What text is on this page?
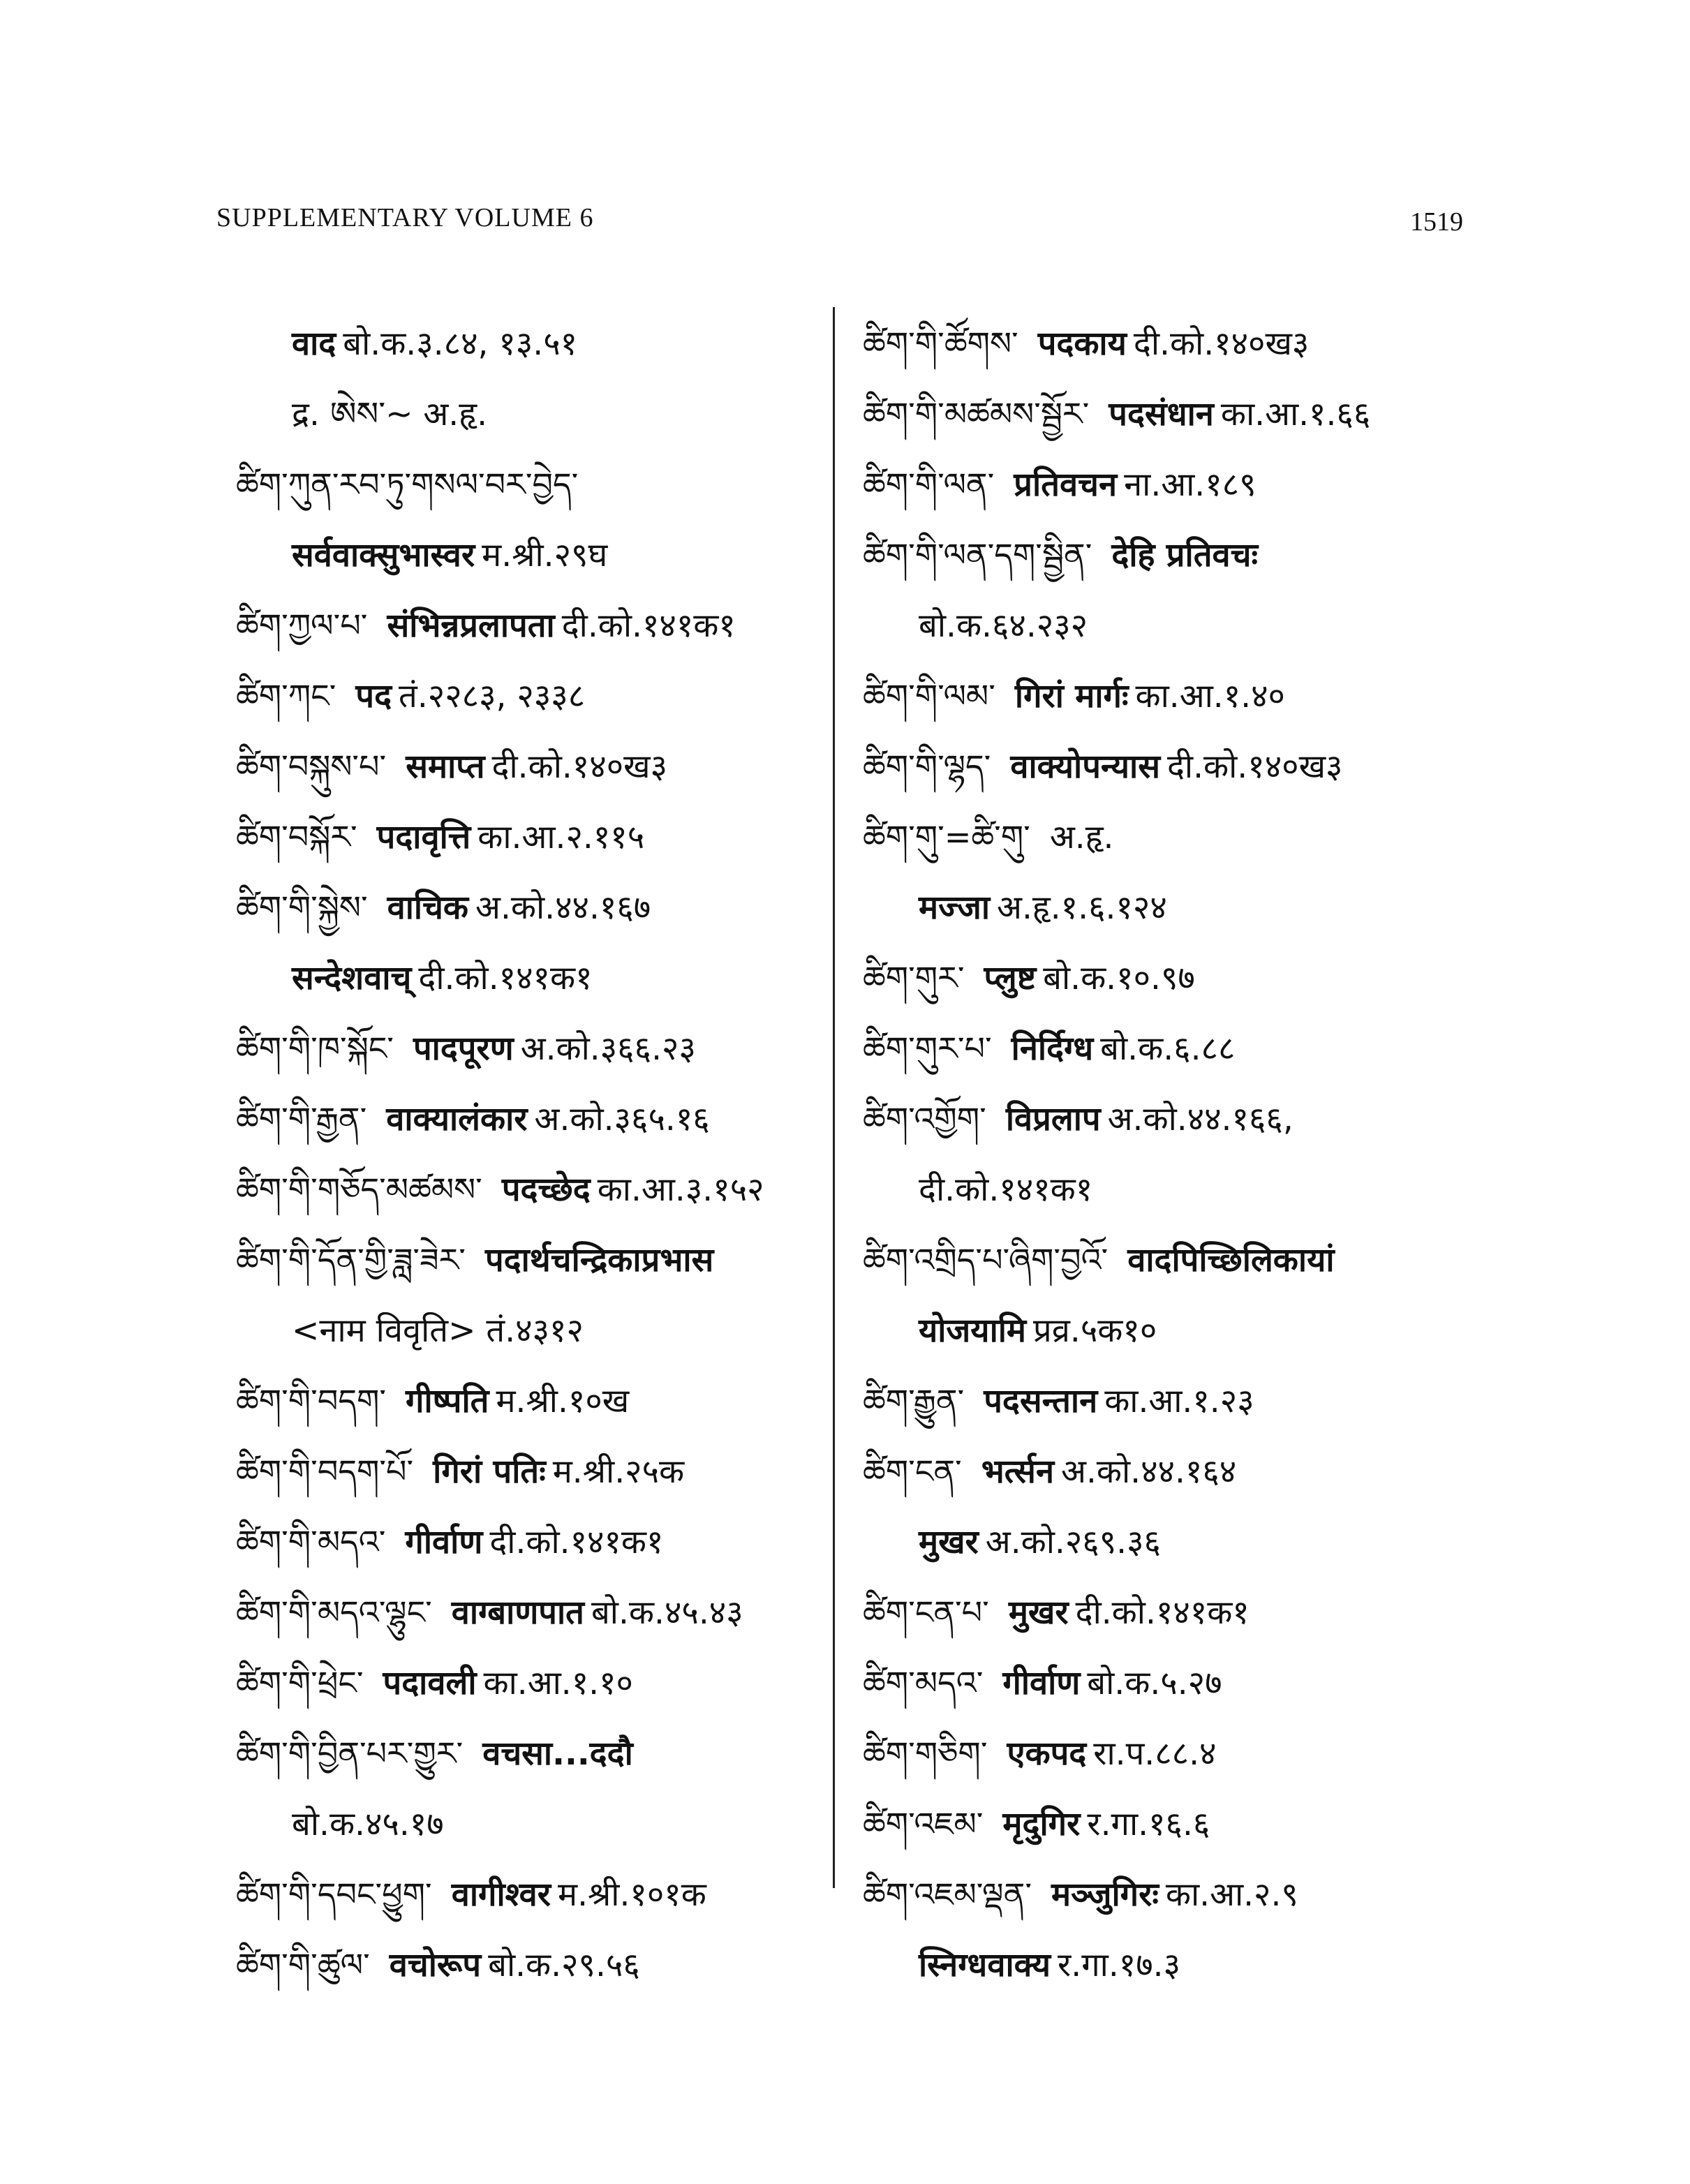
SUPPLEMENTARY VOLUME 6	1519
वाद बो.क.३.८४, १३.५१
द्र. ཨེས་~ अ.हृ.
ཚིག་ཀུན་རབ་ཏུ་གསལ་བར་བྱེད་
सर्ववाक्सुभास्वर म.श्री.२९घ
ཚིག་ཀྱལ་པ་ संभिन्नप्रलापता दी.को.१४१क१
ཚིག་ཀང་ पद तं.२२८३, २३३८
ཚིག་བསྐུས་པ་ समाप्त दी.को.१४०ख३
ཚིག་བསྐོར་ पदावृत्ति का.आ.२.११५
ཚིག་གི་སྐྱེས་ वाचिक अ.को.४४.१६७
सन्देशवाच् दी.को.१४१क१
ཚིག་གི་ཁ་སྐོང་ पादपूरण अ.को.३६६.२३
ཚིག་གི་རྒྱན་ वाक्यालंकार अ.को.३६५.१६
ཚིག་གི་གཅོད་མཚམས་ पदच्छेद का.आ.३.१५२
ཚིག་གི་དོན་གྱི་ཟླ་ཟེར་ पदार्थचन्द्रिकाप्रभास
<नाम विवृति> तं.४३१२
ཚིག་གི་བདག་ गीष्पति म.श्री.१०ख
ཚིག་གི་བདག་པོ་ गिरां पतिः म.श्री.२५क
ཚིག་གི་མདའ་ गीर्वाण दी.को.१४१क१
ཚིག་གི་མདའ་ལྷུང་ वाग्बाणपात बो.क.४५.४३
ཚིག་གི་ཕྲེང་ पदावली का.आ.१.१०
ཚིག་གི་བྱིན་པར་གྱུར་ वचसा...ददौ
बो.क.४५.१७
ཚིག་གི་དབང་ཕྱུག་ वागीश्वर म.श्री.१०१क
ཚིག་གི་ཚུལ་ वचोरूप बो.क.२९.५६
ཚིག་གི་ཚོགས་ पदकाय दी.को.१४०ख३
ཚིག་གི་མཚམས་སྦྱོར་ पदसंधान का.आ.१.६६
ཚིག་གི་ལན་ प्रतिवचन ना.आ.१८९
ཚིག་གི་ལན་དག་སྦྱིན་ देहि प्रतिवचः
बो.क.६४.२३२
ཚིག་གི་ལམ་ गिरां मार्गः का.आ.१.४०
ཚིག་གི་ལྷད་ वाक्योपन्यास दी.को.१४०ख३
ཚིག་གུ་=ཚི་གུ་ अ.हृ.
मज्जा अ.हृ.१.६.१२४
ཚིག་གུར་ प्लुष्ट बो.क.१०.९७
ཚིག་གུར་པ་ निर्दिग्ध बो.क.६.८८
ཚིག་འགྱོག་ विप्रलाप अ.को.४४.१६६,
दी.को.१४१क१
ཚིག་འགྲིད་པ་ཞིག་བྱའོ་ वादपिच्छिलिकायां
योजयामि प्रव्र.५क१०
ཚིག་རྒྱུན་ पदसन्तान का.आ.१.२३
ཚིག་ངན་ भर्त्सन अ.को.४४.१६४
मुखर अ.को.२६९.३६
ཚིག་ངན་པ་ मुखर दी.को.१४१क१
ཚིག་མདའ་ गीर्वाण बो.क.५.२७
ཚིག་གཅིག་ एकपद रा.प.८८.४
ཚིག་འཇམ་ मृदुगिर र.गा.१६.६
ཚིག་འཇམ་ལྡན་ मञ्जुगिरः का.आ.२.९
स्निग्धवाक्य र.गा.१७.३
